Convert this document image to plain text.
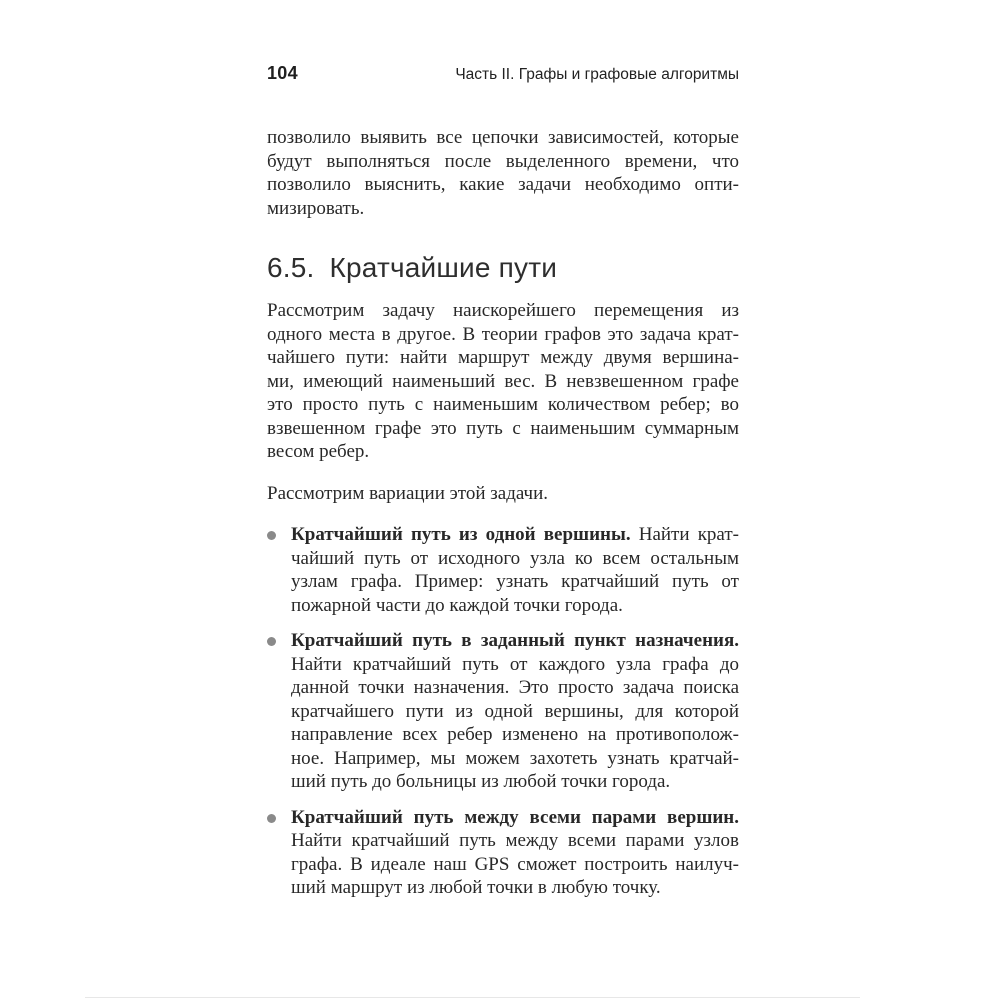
104	Часть II. Графы и графовые алгоритмы
позволило выявить все цепочки зависимостей, которые
будут выполняться после выделенного времени, что
позволило выяснить, какие задачи необходимо опти-
мизировать.
6.5. Кратчайшие пути
Рассмотрим задачу наискорейшего перемещения из
одного места в другое. В теории графов это задача крат-
чайшего пути: найти маршрут между двумя вершина-
ми, имеющий наименьший вес. В невзвешенном графе
это просто путь с наименьшим количеством ребер; во
взвешенном графе это путь с наименьшим суммарным
весом ребер.
Рассмотрим вариации этой задачи.
Кратчайший путь из одной вершины. Найти крат-
чайший путь от исходного узла ко всем остальным
узлам графа. Пример: узнать кратчайший путь от
пожарной части до каждой точки города.
Кратчайший путь в заданный пункт назначения.
Найти кратчайший путь от каждого узла графа до
данной точки назначения. Это просто задача поиска
кратчайшего пути из одной вершины, для которой
направление всех ребер изменено на противополож-
ное. Например, мы можем захотеть узнать кратчай-
ший путь до больницы из любой точки города.
Кратчайший путь между всеми парами вершин.
Найти кратчайший путь между всеми парами узлов
графа. В идеале наш GPS сможет построить наилуч-
ший маршрут из любой точки в любую точку.
